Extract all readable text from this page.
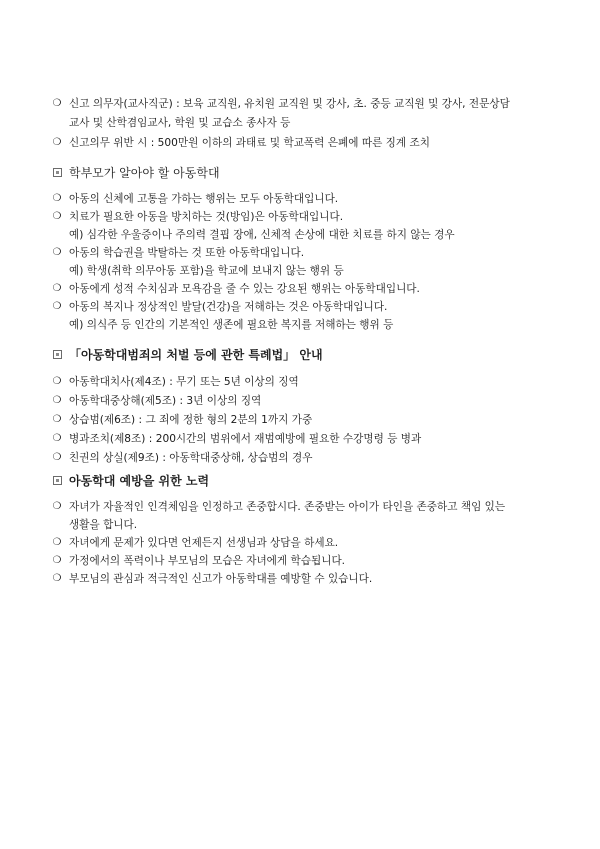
❍ 신고 의무자(교사직군) : 보육 교직원, 유치원 교직원 및 강사, 초. 중등 교직원 및 강사, 전문상담
교사 및 산학겸임교사, 학원 및 교습소 종사자 등
❍ 신고의무 위반 시 : 500만원 이하의 과태료 및 학교폭력 은폐에 따른 징계 조치
학부모가 알아야 할 아동학대
❍ 아동의 신체에 고통을 가하는 행위는 모두 아동학대입니다.
❍ 치료가 필요한 아동을 방치하는 것(방임)은 아동학대입니다.
예) 심각한 우울증이나 주의력 결핍 장애, 신체적 손상에 대한 치료를 하지 않는 경우
❍ 아동의 학습권을 박탈하는 것 또한 아동학대입니다.
예) 학생(취학 의무아동 포함)을 학교에 보내지 않는 행위 등
❍ 아동에게 성적 수치심과 모욕감을 줄 수 있는 강요된 행위는 아동학대입니다.
❍ 아동의 복지나 정상적인 발달(건강)을 저해하는 것은 아동학대입니다.
예) 의식주 등 인간의 기본적인 생존에 필요한 복지를 저해하는 행위 등
「아동학대범죄의 처벌 등에 관한 특례법」 안내
❍ 아동학대치사(제4조) : 무기 또는 5년 이상의 징역
❍ 아동학대중상해(제5조) : 3년 이상의 징역
❍ 상습범(제6조) : 그 죄에 정한 형의 2분의 1까지 가중
❍ 병과조치(제8조) : 200시간의 범위에서 재범예방에 필요한 수강명령 등 병과
❍ 친권의 상실(제9조) : 아동학대중상해, 상습범의 경우
아동학대 예방을 위한 노력
❍ 자녀가 자율적인 인격체임을 인정하고 존중합시다. 존중받는 아이가 타인을 존중하고 책임 있는
생활을 합니다.
❍ 자녀에게 문제가 있다면 언제든지 선생님과 상담을 하세요.
❍ 가정에서의 폭력이나 부모님의 모습은 자녀에게 학습됩니다.
❍ 부모님의 관심과 적극적인 신고가 아동학대를 예방할 수 있습니다.
